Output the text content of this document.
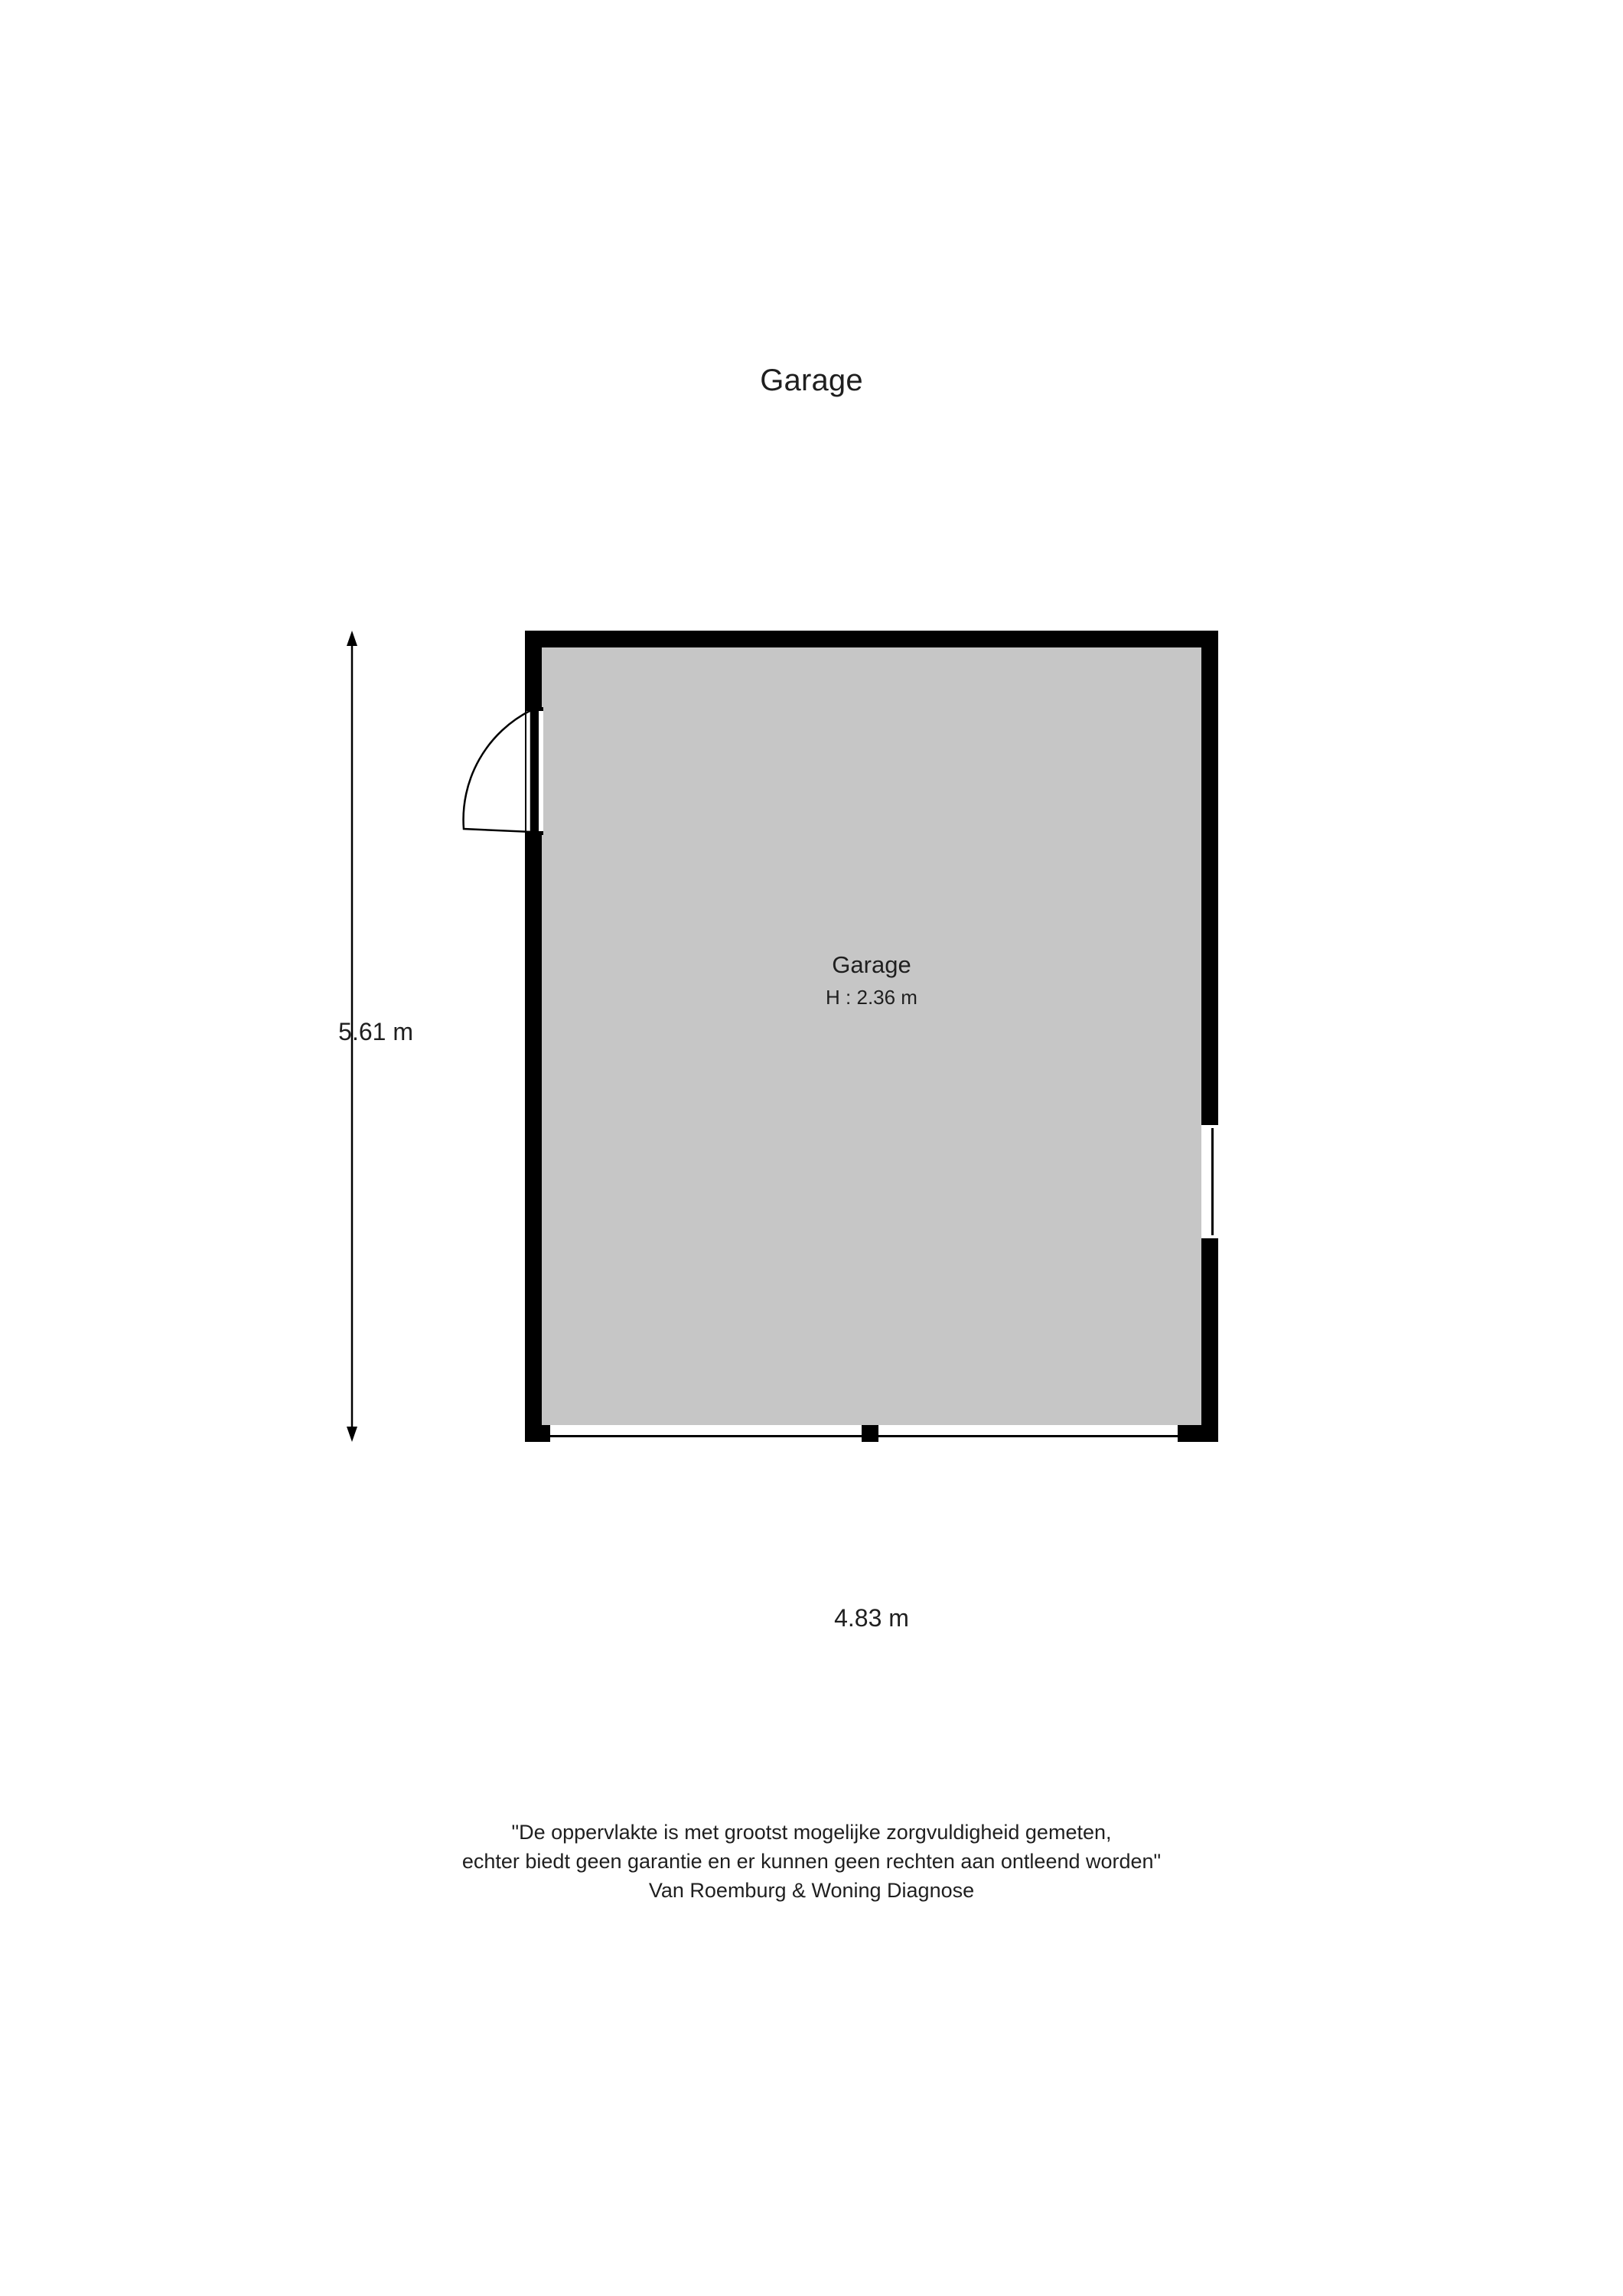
Garage
Garage
H : 2.36 m
5.61 m
4.83 m
"De oppervlakte is met grootst mogelijke zorgvuldigheid gemeten,
echter biedt geen garantie en er kunnen geen rechten aan ontleend worden"
Van Roemburg & Woning Diagnose
